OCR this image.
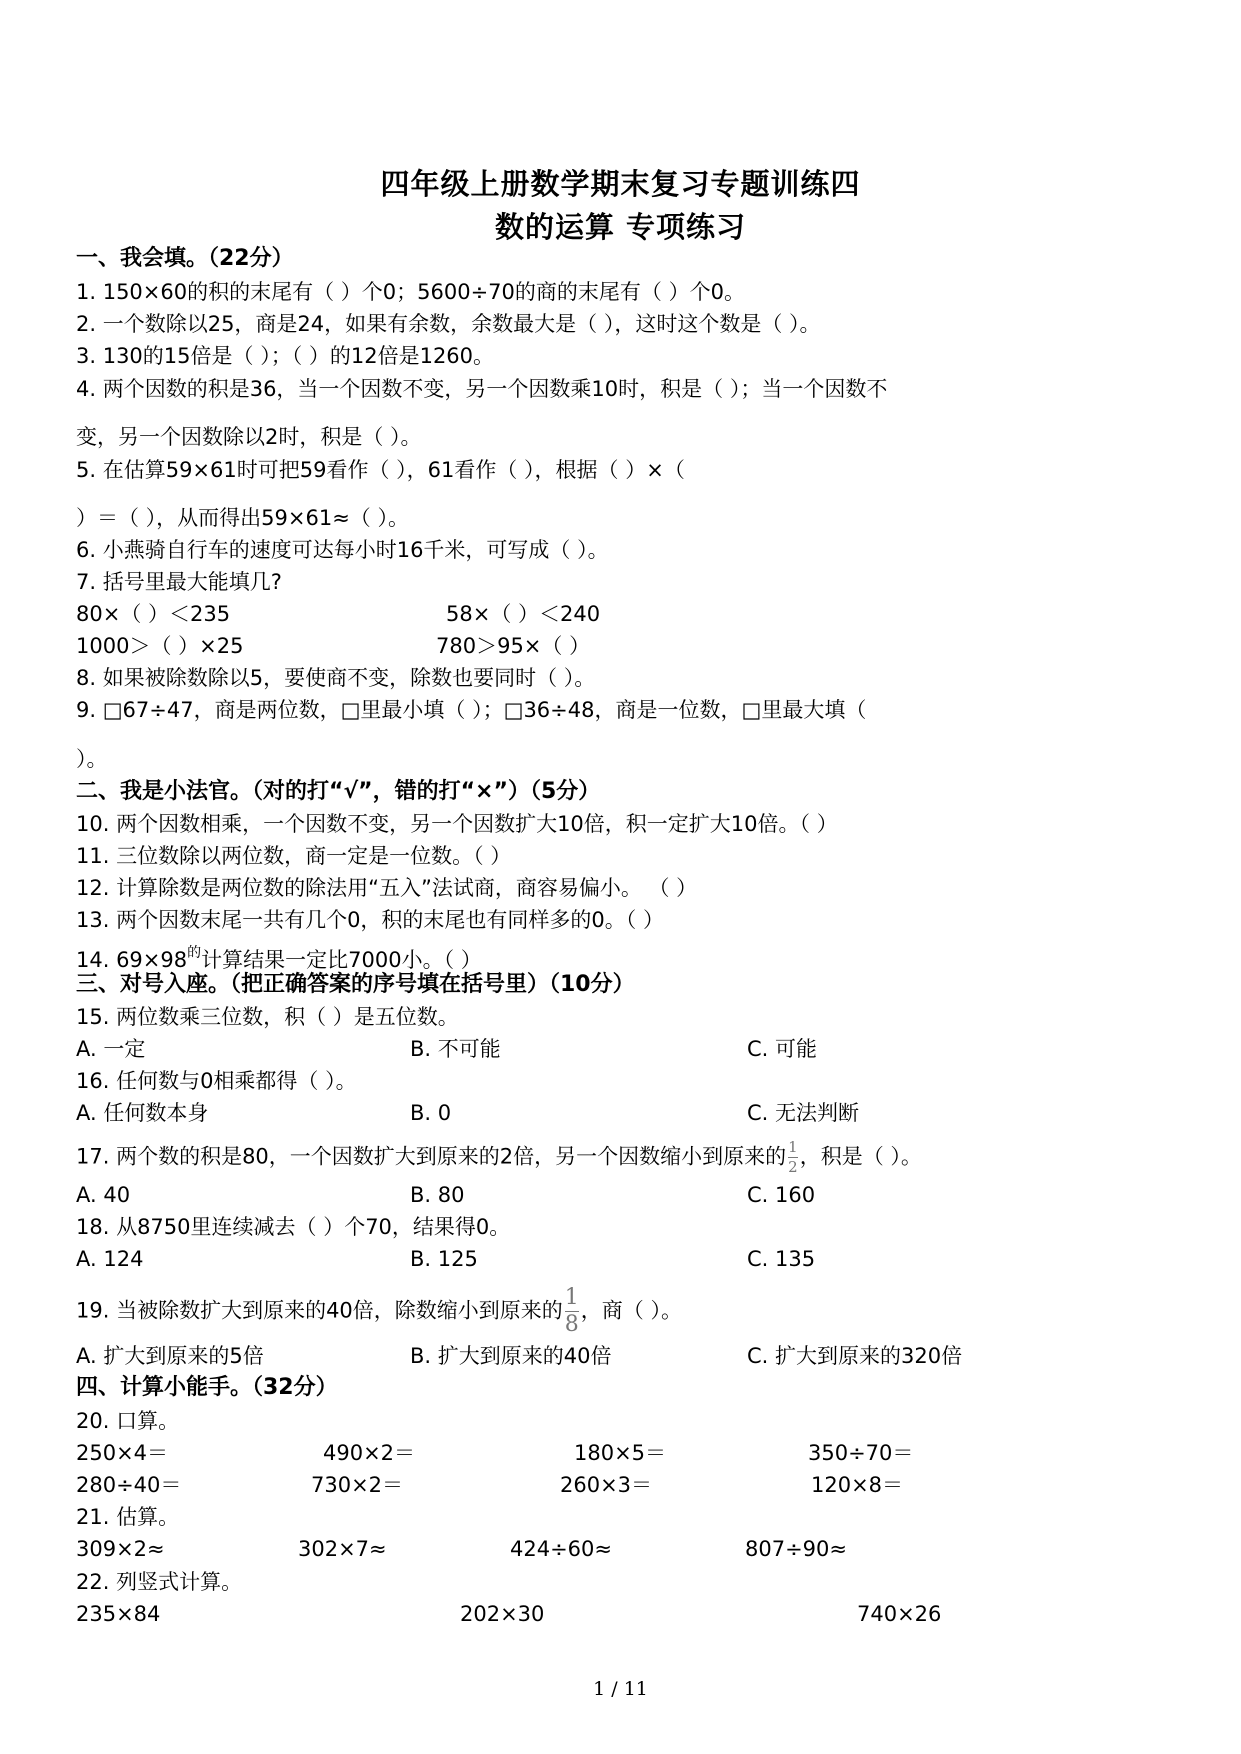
四年级上册数学期末复习专题训练四
数的运算 专项练习
一、我会填。（22分）
1. 150×60的积的末尾有（ ）个0；5600÷70的商的末尾有（ ）个0。
2. 一个数除以25，商是24，如果有余数，余数最大是（ ），这时这个数是（ ）。
3. 130的15倍是（ ）；（ ）的12倍是1260。
4. 两个因数的积是36，当一个因数不变，另一个因数乘10时，积是（ ）；当一个因数不
变，另一个因数除以2时，积是（ ）。
5. 在估算59×61时可把59看作（ ），61看作（ ），根据（ ）×（
）＝（ ），从而得出59×61≈（ ）。
6. 小燕骑自行车的速度可达每小时16千米，可写成（ ）。
7. 括号里最大能填几?
80×（ ）＜235	58×（ ）＜240
1000＞（ ）×25	780＞95×（ ）
8. 如果被除数除以5，要使商不变，除数也要同时（ ）。
9. □67÷47，商是两位数，□里最小填（ ）；□36÷48，商是一位数，□里最大填（
）。
二、我是小法官。（对的打“√”，错的打“×”）（5分）
10. 两个因数相乘，一个因数不变，另一个因数扩大10倍，积一定扩大10倍。（ ）
11. 三位数除以两位数，商一定是一位数。（ ）
12. 计算除数是两位数的除法用“五入”法试商，商容易偏小。 （ ）
13. 两个因数末尾一共有几个0，积的末尾也有同样多的0。（ ）
14. $69\times 98^的$计算结果一定比7000小。（ ）
三、对号入座。（把正确答案的序号填在括号里）（10分）
15. 两位数乘三位数，积（ ）是五位数。
A. 一定	B. 不可能	C. 可能
16. 任何数与0相乘都得（ ）。
A. 任何数本身	B. 0	C. 无法判断
17. 两个数的积是80，一个因数扩大到原来的2倍，另一个因数缩小到原来的 $\frac{1}{2}$ ，积是（ ）。
A. 40	B. 80	C. 160
18. 从8750里连续减去（ ）个70，结果得0。
A. 124	B. 125	C. 135
19. 当被除数扩大到原来的40倍，除数缩小到原来的 $\frac{1}{8}$ ，商（ ）。
A. 扩大到原来的5倍	B. 扩大到原来的40倍	C. 扩大到原来的320倍
四、计算小能手。（32分）
20. 口算。
250×4＝	490×2＝	180×5＝	350÷70＝
280÷40＝	730×2＝	260×3＝	120×8＝
21. 估算。
309×2≈	302×7≈	424÷60≈	807÷90≈
22. 列竖式计算。
235×84	202×30	740×26
1 / 11
